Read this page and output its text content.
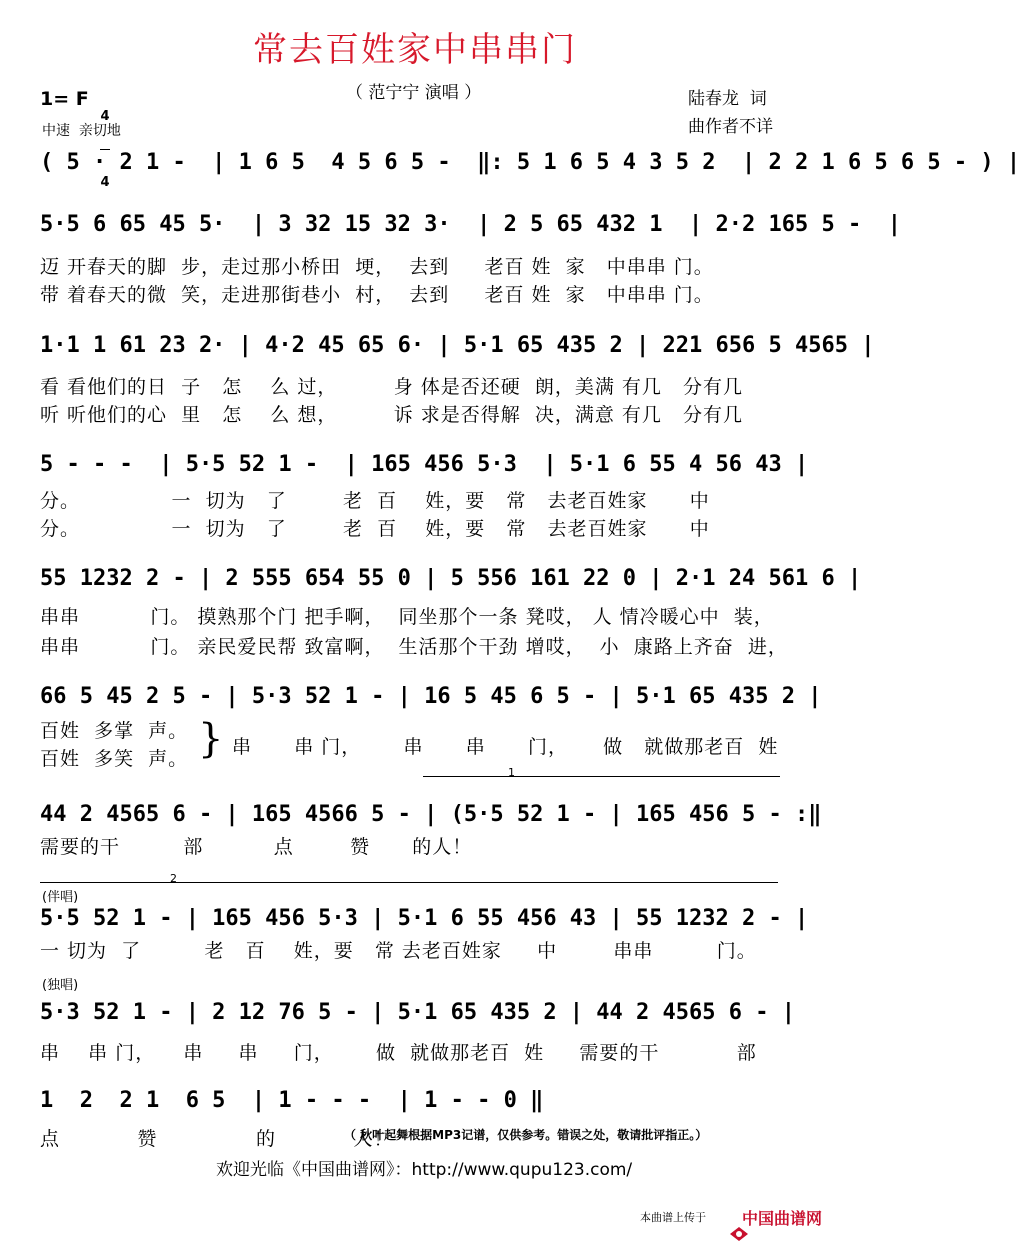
常去百姓家中串串门
（ 范宁宁 演唱 ）
1= F

4

4

中速  亲切地
陆春龙  词
曲作者不详
( 5 · 2 1 -  | 1 6 5  4 5 6 5 -  ‖: 5 1 6 5 4 3 5 2  | 2 2 1 6 5 6 5 - ) |
5·5 6 65 45 5·  | 3 32 15 32 3·  | 2 5 65 432 1  | 2·2 165 5 -  |
迈 开春天的脚  步，走过那小桥田  埂，  去到     老百 姓  家   中串串 门。
带 着春天的微  笑，走进那街巷小  村，  去到     老百 姓  家   中串串 门。
1·1 1 61 23 2· | 4·2 45 65 6· | 5·1 65 435 2 | 221 656 5 4565 |
看 看他们的日  子   怎    么 过，        身 体是否还硬  朗，美满 有几   分有几
听 听他们的心  里   怎    么 想，        诉 求是否得解  决，满意 有几   分有几
5 - - -  | 5·5 52 1 -  | 165 456 5·3  | 5·1 6 55 4 56 43 |
分。             一  切为   了        老  百    姓，要   常   去老百姓家      中
分。             一  切为   了        老  百    姓，要   常   去老百姓家      中
55 1232 2 - | 2 555 654 55 0 | 5 556 161 22 0 | 2·1 24 561 6 |
串串          门。 摸熟那个门 把手啊，  同坐那个一条 凳哎， 人 情冷暖心中  装，
串串          门。 亲民爱民帮 致富啊，  生活那个干劲 增哎，  小  康路上齐奋  进，
66 5 45 2 5 - | 5·3 52 1 - | 16 5 45 6 5 - | 5·1 65 435 2 |
百姓  多掌  声。
百姓  多笑  声。 } 串      串 门，      串      串      门，     做   就做那老百  姓
1
44 2 4565 6 - | 165 4566 5 - | (5·5 52 1 - | 165 456 5 - :‖
需要的干         部          点        赞      的人！
2
(伴唱)
5·5 52 1 - | 165 456 5·3 | 5·1 6 55 456 43 | 55 1232 2 - |
一 切为  了         老   百    姓，要   常 去老百姓家     中        串串         门。
(独唱)
5·3 52 1 - | 2 12 76 5 - | 5·1 65 435 2 | 44 2 4565 6 - |
串    串 门，    串     串     门，      做  就做那老百  姓     需要的干           部
1  2  2 1  6 5  | 1 - - -  | 1 - - 0 ‖
点           赞              的           人！
（ 秋叶起舞根据MP3记谱，仅供参考。错误之处，敬请批评指正。）
欢迎光临《中国曲谱网》：http://www.qupu123.com/
本曲谱上传于

中国曲谱网
